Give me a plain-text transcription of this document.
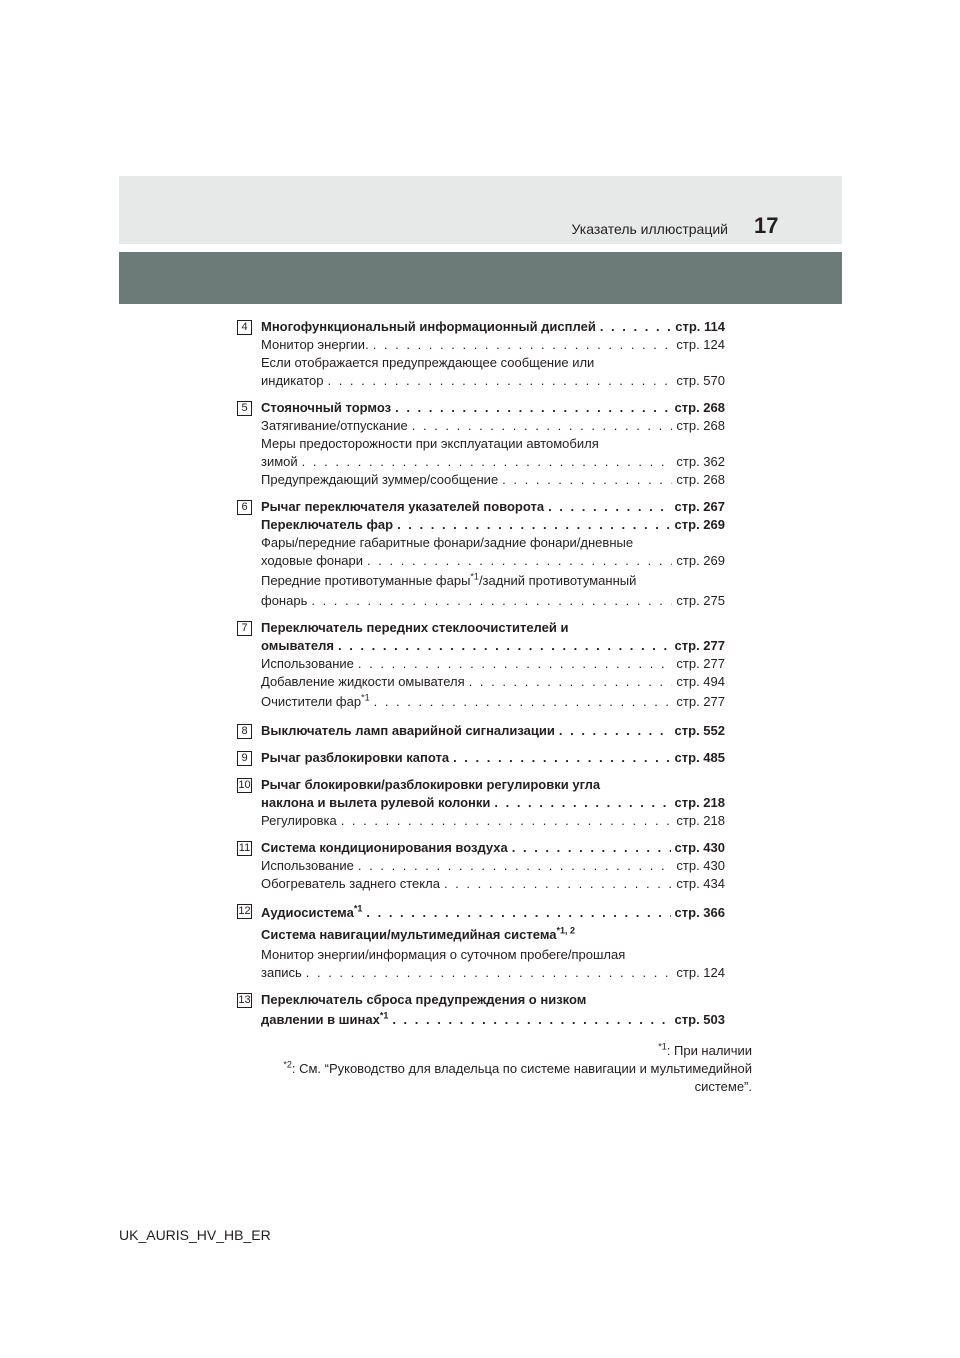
Указатель иллюстраций 17
4	Многофункциональный информационный дисплей . . .	стр. 114
Монитор энергии. . . .	стр. 124
Если отображается предупреждающее сообщение или
индикатор . . .	стр. 570
5	Стояночный тормоз . . .	стр. 268
Затягивание/отпускание . . .	стр. 268
Меры предосторожности при эксплуатации автомобиля
зимой . . .	стр. 362
Предупреждающий зуммер/сообщение . . .	стр. 268
6	Рычаг переключателя указателей поворота . . .	стр. 267
Переключатель фар . . .	стр. 269
Фары/передние габаритные фонари/задние фонари/дневные
ходовые фонари . . .	стр. 269
Передние противотуманные фары$^{*1}$/задний противотуманный
фонарь . . .	стр. 275
7	Переключатель передних стеклоочистителей и
омывателя . . .	стр. 277
Использование . . .	стр. 277
Добавление жидкости омывателя . . .	стр. 494
Очистители фар$^{*1}$ . . .	стр. 277
8	Выключатель ламп аварийной сигнализации . . .	стр. 552
9	Рычаг разблокировки капота . . .	стр. 485
10 Рычаг блокировки/разблокировки регулировки угла
наклона и вылета рулевой колонки . . .	стр. 218
Регулировка . . .	стр. 218
11 Система кондиционирования воздуха . . .	стр. 430
Использование . . .	стр. 430
Обогреватель заднего стекла . . .	стр. 434
12 Аудиосистема$^{*1}$ . . .	стр. 366
Система навигации/мультимедийная система$^{*1, 2}$
Монитор энергии/информация о суточном пробеге/прошлая
запись . . .	стр. 124
13 Переключатель сброса предупреждения о низком
давлении в шинах$^{*1}$ . . .	стр. 503
$^{*1}$: При наличии
$^{*2}$: См. “Руководство для владельца по системе навигации и мультимедийной
системе”.
UK_AURIS_HV_HB_ER
